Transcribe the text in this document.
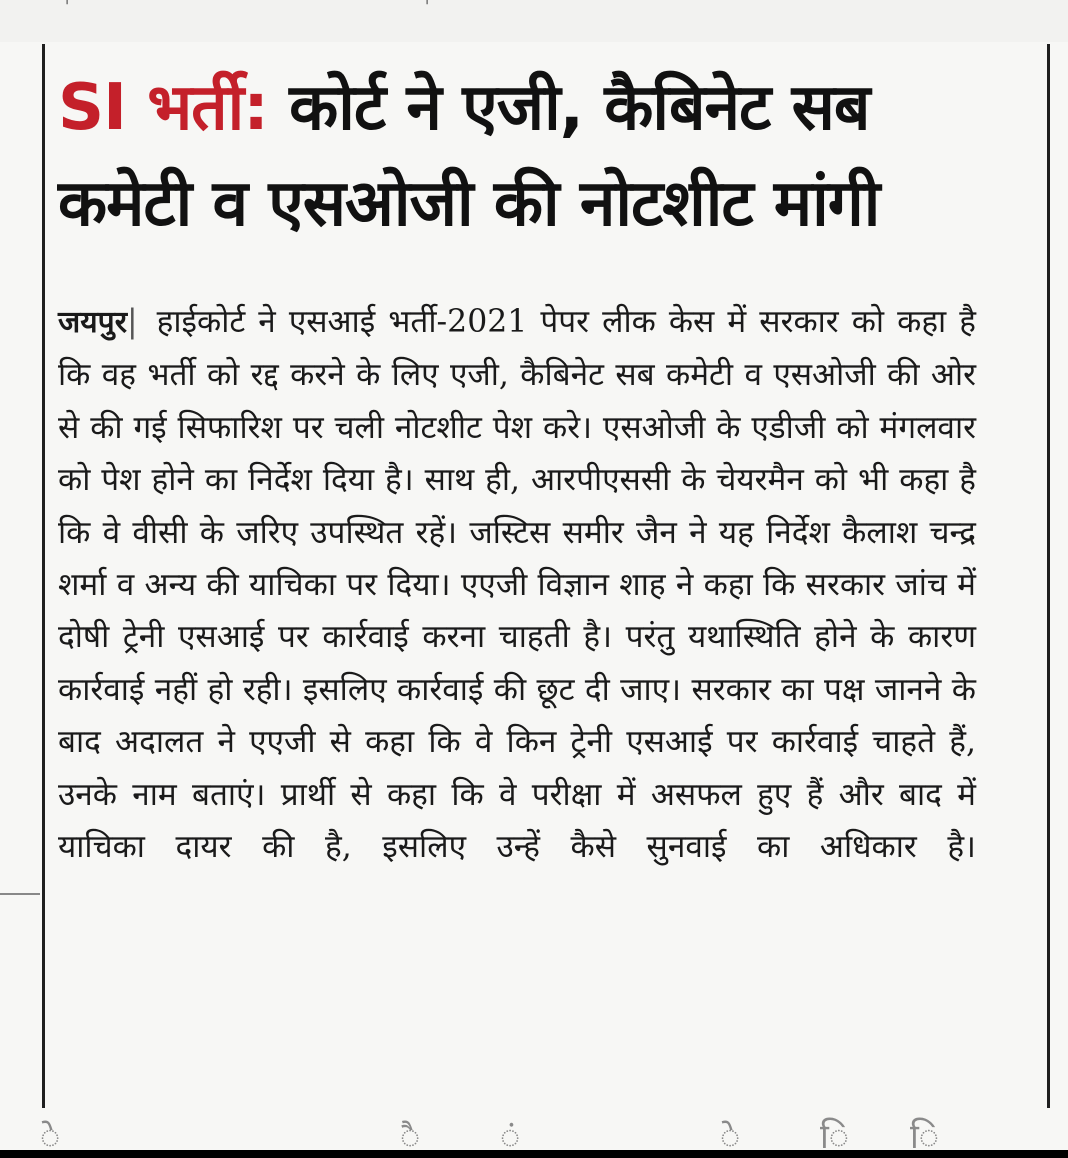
SI भर्ती: कोर्ट ने एजी, कैबिनेट सब कमेटी व एसओजी की नोटशीट मांगी

जयपुर| हाईकोर्ट ने एसआई भर्ती-2021 पेपर लीक केस में सरकार को कहा है कि वह भर्ती को रद्द करने के लिए एजी, कैबिनेट सब कमेटी व एसओजी की ओर से की गई सिफारिश पर चली नोटशीट पेश करे। एसओजी के एडीजी को मंगलवार को पेश होने का निर्देश दिया है। साथ ही, आरपीएससी के चेयरमैन को भी कहा है कि वे वीसी के जरिए उपस्थित रहें। जस्टिस समीर जैन ने यह निर्देश कैलाश चन्द्र शर्मा व अन्य की याचिका पर दिया। एएजी विज्ञान शाह ने कहा कि सरकार जांच में दोषी ट्रेनी एसआई पर कार्रवाई करना चाहती है। परंतु यथास्थिति होने के कारण कार्रवाई नहीं हो रही। इसलिए कार्रवाई की छूट दी जाए। सरकार का पक्ष जानने के बाद अदालत ने एएजी से कहा कि वे किन ट्रेनी एसआई पर कार्रवाई चाहते हैं, उनके नाम बताएं। प्रार्थी से कहा कि वे परीक्षा में असफल हुए हैं और बाद में याचिका दायर की है, इसलिए उन्हें कैसे सुनवाई का अधिकार है।

े	ै ं	े ि ि
